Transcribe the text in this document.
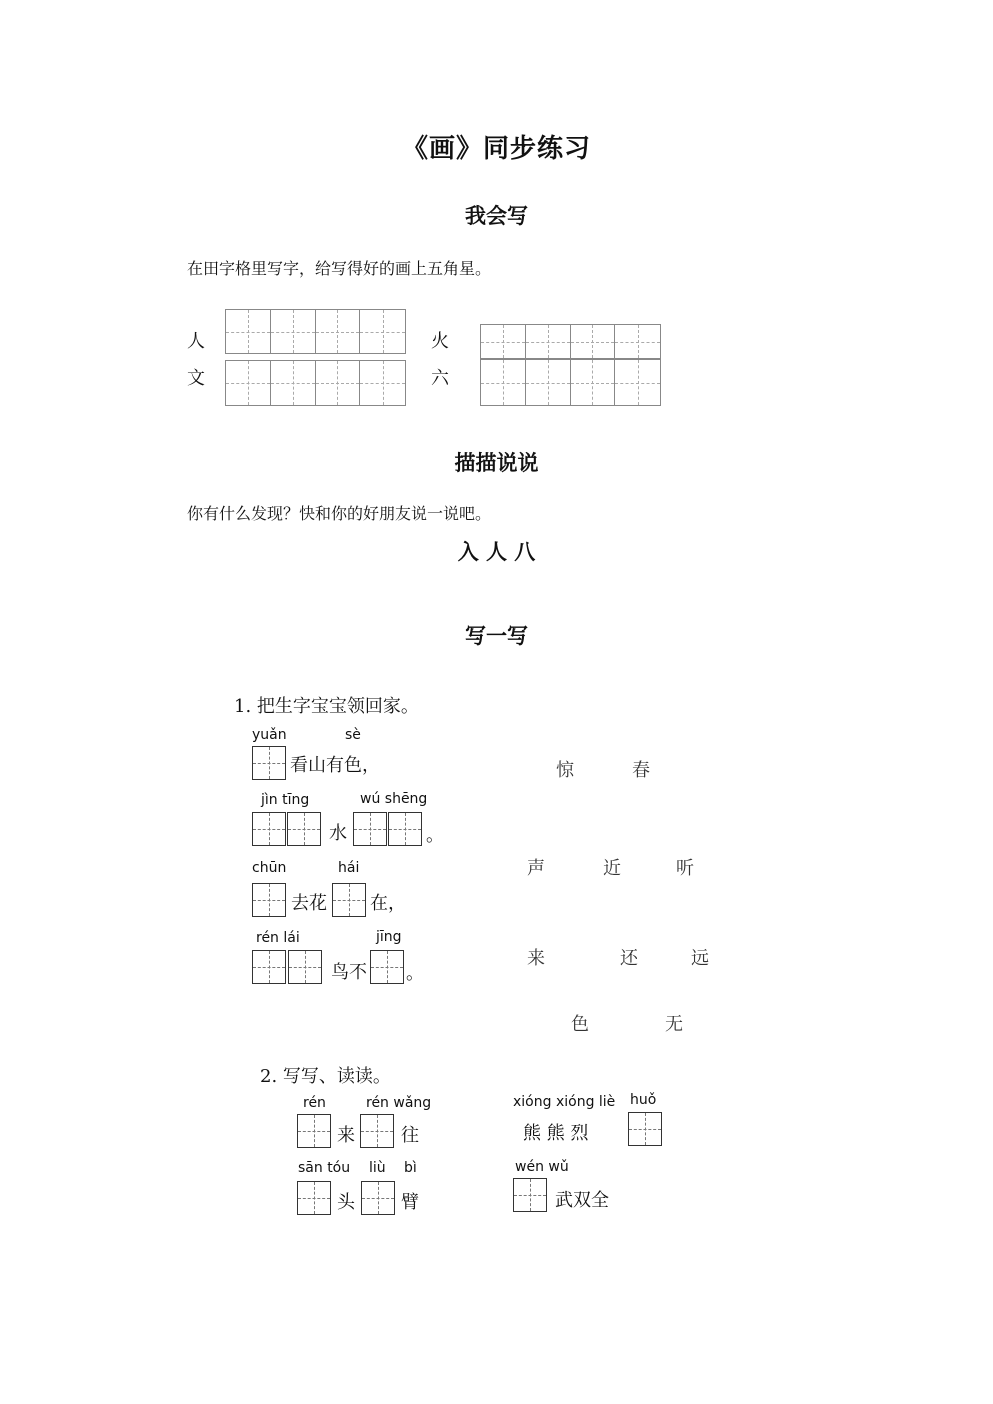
《画》同步练习
我会写
在田字格里写字，给写得好的画上五角星。
人
文
火
六
描描说说
你有什么发现？快和你的好朋友说一说吧。
入 人 八
写一写
1. 把生字宝宝领回家。
yuǎn	sè
看山有色，
jìn tīng	wú shēng
水	。
chūn	hái
去花 在，
rén lái	jīng
鸟不 。
惊	春
声	近	听
来	还	远
色	无
2. 写写、读读。
rén	rén wǎng
来	往
xióng xióng liè huǒ
熊 熊 烈
sān tóu liù bì
头	臂
wén wǔ
武双全
